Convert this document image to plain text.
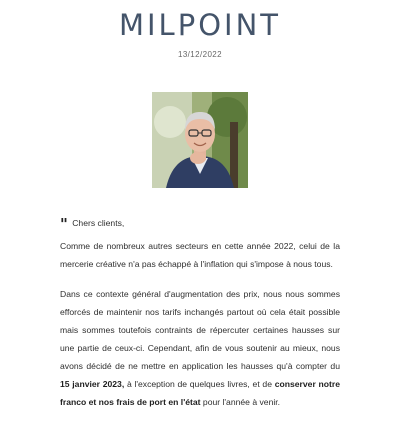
MILPOINT
13/12/2022

" Chers clients,

Comme de nombreux autres secteurs en cette année 2022, celui de la mercerie créative n'a pas échappé à l'inflation qui s'impose à nous tous.

Dans ce contexte général d'augmentation des prix, nous nous sommes efforcés de maintenir nos tarifs inchangés partout où cela était possible mais sommes toutefois contraints de répercuter certaines hausses sur une partie de ceux-ci. Cependant, afin de vous soutenir au mieux, nous avons décidé de ne mettre en application les hausses qu'à compter du 15 janvier 2023, à l'exception de quelques livres, et de conserver notre franco et nos frais de port en l'état pour l'année à venir.
